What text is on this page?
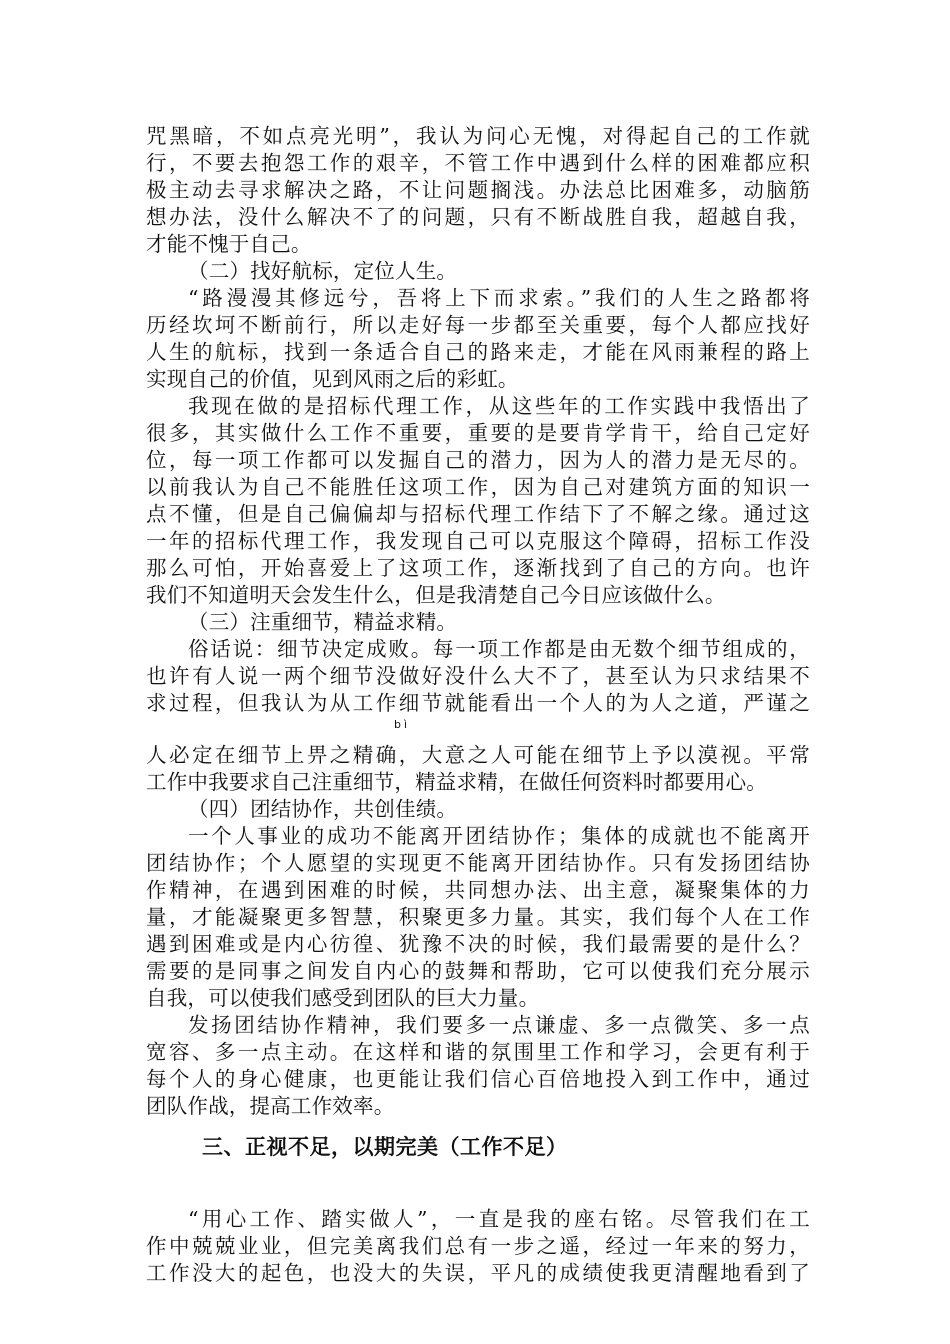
咒黑暗，不如点亮光明”，我认为问心无愧，对得起自己的工作就
行，不要去抱怨工作的艰辛，不管工作中遇到什么样的困难都应积
极主动去寻求解决之路，不让问题搁浅。办法总比困难多，动脑筋
想办法，没什么解决不了的问题，只有不断战胜自我，超越自我，
才能不愧于自己。
（二）找好航标，定位人生。
“路漫漫其修远兮，吾将上下而求索。”我们的人生之路都将
历经坎坷不断前行，所以走好每一步都至关重要，每个人都应找好
人生的航标，找到一条适合自己的路来走，才能在风雨兼程的路上
实现自己的价值，见到风雨之后的彩虹。
我现在做的是招标代理工作，从这些年的工作实践中我悟出了
很多，其实做什么工作不重要，重要的是要肯学肯干，给自己定好
位，每一项工作都可以发掘自己的潜力，因为人的潜力是无尽的。
以前我认为自己不能胜任这项工作，因为自己对建筑方面的知识一
点不懂，但是自己偏偏却与招标代理工作结下了不解之缘。通过这
一年的招标代理工作，我发现自己可以克服这个障碍，招标工作没
那么可怕，开始喜爱上了这项工作，逐渐找到了自己的方向。也许
我们不知道明天会发生什么，但是我清楚自己今日应该做什么。
（三）注重细节，精益求精。
俗话说：细节决定成败。每一项工作都是由无数个细节组成的，
也许有人说一两个细节没做好没什么大不了，甚至认为只求结果不
求过程，但我认为从工作细节就能看出一个人的为人之道，严谨之
bì
人必定在细节上畀之精确，大意之人可能在细节上予以漠视。平常
工作中我要求自己注重细节，精益求精，在做任何资料时都要用心。
（四）团结协作，共创佳绩。
一个人事业的成功不能离开团结协作；集体的成就也不能离开
团结协作；个人愿望的实现更不能离开团结协作。只有发扬团结协
作精神，在遇到困难的时候，共同想办法、出主意，凝聚集体的力
量，才能凝聚更多智慧，积聚更多力量。其实，我们每个人在工作
遇到困难或是内心彷徨、犹豫不决的时候，我们最需要的是什么？
需要的是同事之间发自内心的鼓舞和帮助，它可以使我们充分展示
自我，可以使我们感受到团队的巨大力量。
发扬团结协作精神，我们要多一点谦虚、多一点微笑、多一点
宽容、多一点主动。在这样和谐的氛围里工作和学习，会更有利于
每个人的身心健康，也更能让我们信心百倍地投入到工作中，通过
团队作战，提高工作效率。
三、正视不足，以期完美（工作不足）
“用心工作、踏实做人”，一直是我的座右铭。尽管我们在工
作中兢兢业业，但完美离我们总有一步之遥，经过一年来的努力，
工作没大的起色，也没大的失误，平凡的成绩使我更清醒地看到了
